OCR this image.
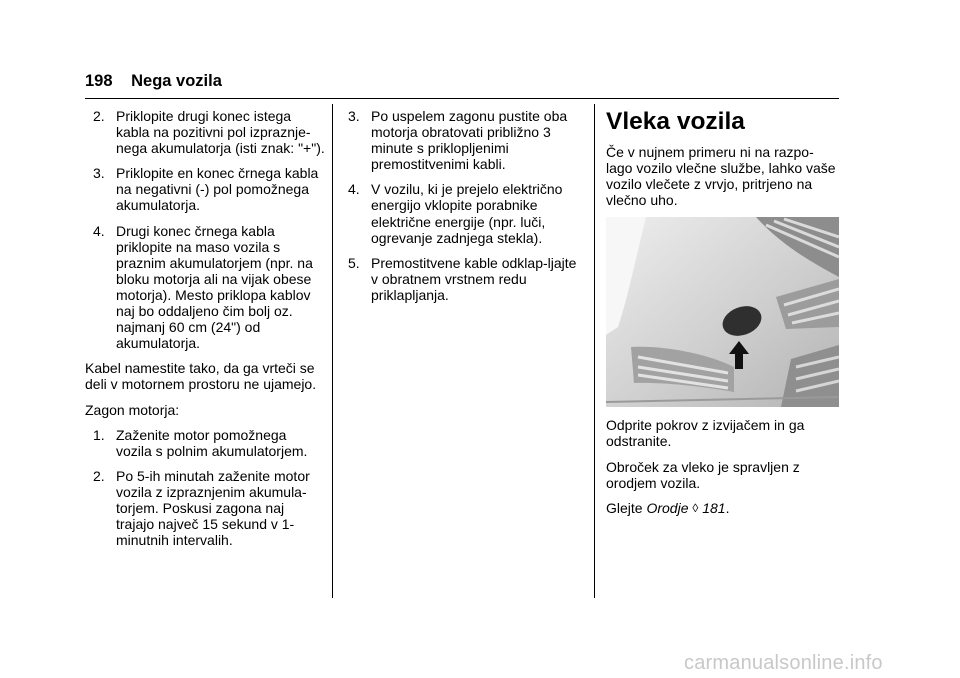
198 Nega vozila
2. Priklopite drugi konec istega kabla na pozitivni pol izpraznje-nega akumulatorja (isti znak: "+").
3. Priklopite en konec črnega kabla na negativni (-) pol pomožnega akumulatorja.
4. Drugi konec črnega kabla priklopite na maso vozila s praznim akumulatorjem (npr. na bloku motorja ali na vijak obese motorja). Mesto priklopa kablov naj bo oddaljeno čim bolj oz. najmanj 60 cm (24") od akumulatorja.

Kabel namestite tako, da ga vrteči se deli v motornem prostoru ne ujamejo.

Zagon motorja:

1. Zaženite motor pomožnega vozila s polnim akumulatorjem.
2. Po 5-ih minutah zaženite motor vozila z izpraznjenim akumula-torjem. Poskusi zagona naj trajajo največ 15 sekund v 1-minutnih intervalih.
3. Po uspelem zagonu pustite oba motorja obratovati približno 3 minute s priklopljenimi premostitvenimi kabli.
4. V vozilu, ki je prejelo električno energijo vklopite porabnike električne energije (npr. luči, ogrevanje zadnjega stekla).
5. Premostitvene kable odklap-ljajte v obratnem vrstnem redu priklapljanja.
Vleka vozila

Če v nujnem primeru ni na razpo-lago vozilo vlečne službe, lahko vaše vozilo vlečete z vrvjo, pritrjeno na vlečno uho.

Odprite pokrov z izvijačem in ga odstranite.

Obroček za vleko je spravljen z orodjem vozila.

Glejte Orodje ◊ 181.

carmanualsonline.info
